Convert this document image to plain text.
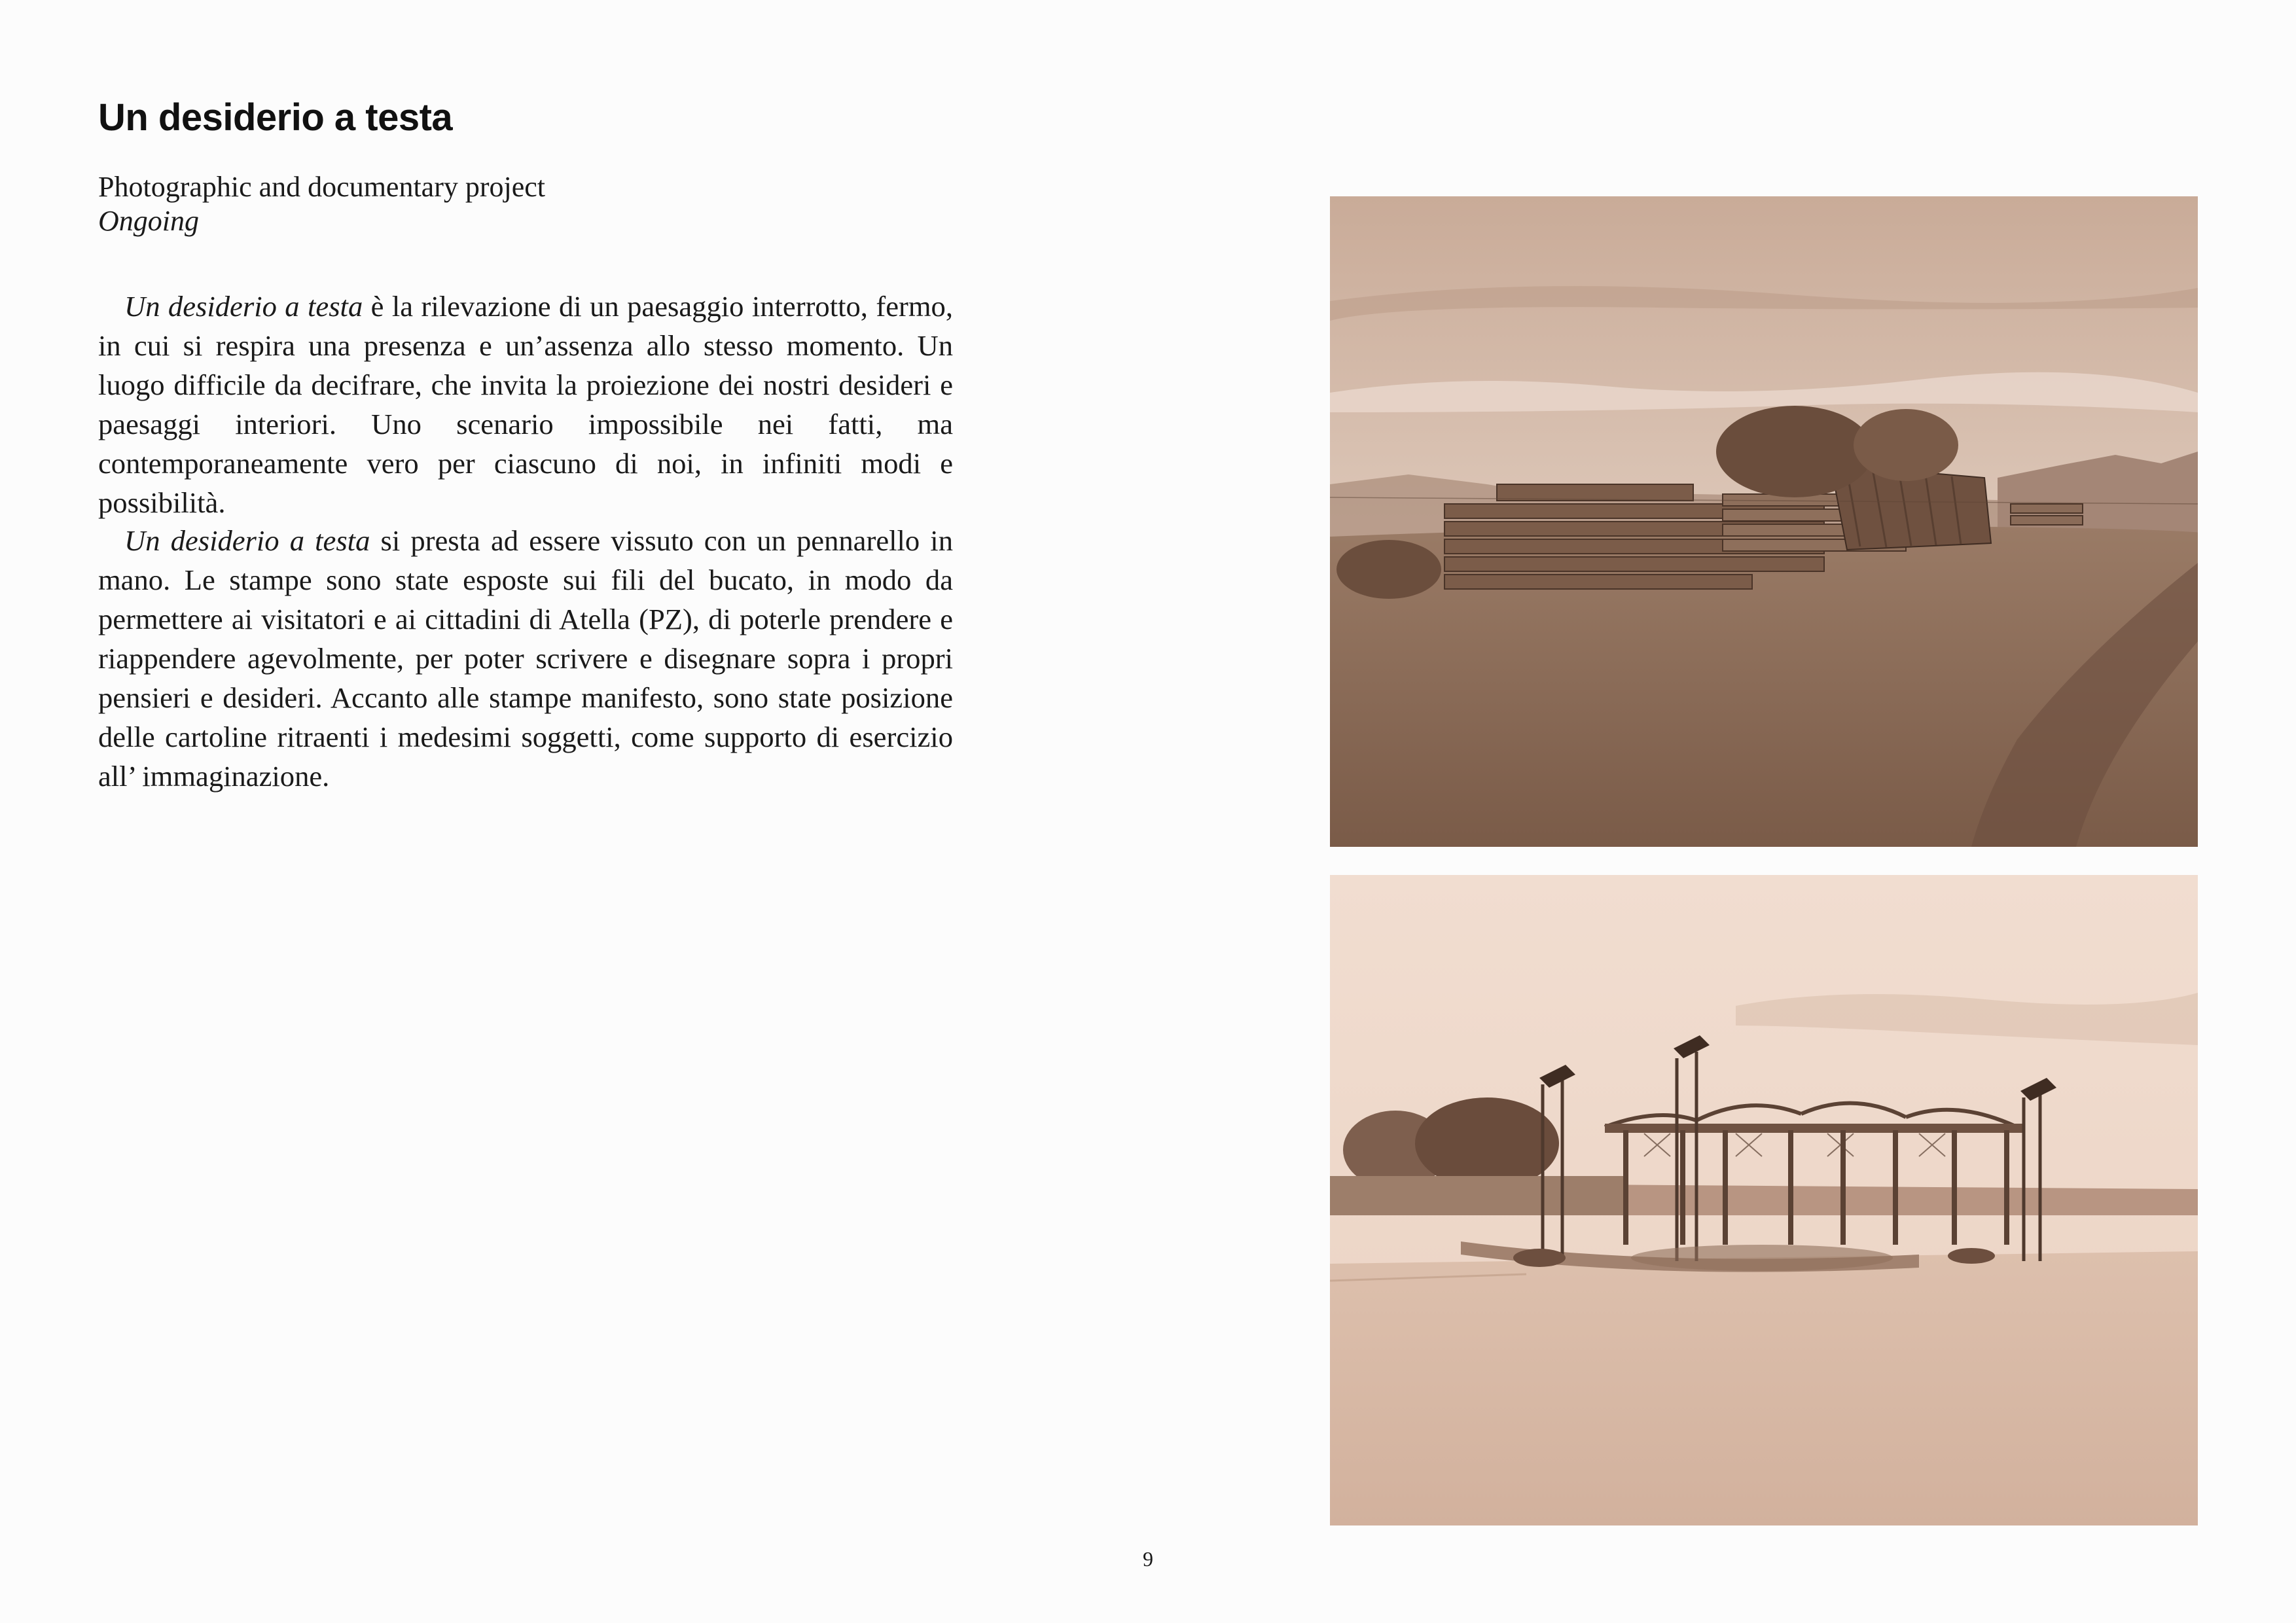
Un desiderio a testa
Photographic and documentary project
Ongoing

Un desiderio a testa è la rilevazione di un paesaggio interrotto, fermo, in cui si respira una presenza e un’assenza allo stesso momento. Un luogo difficile da decifrare, che invita la proiezione dei nostri desideri e paesaggi interiori. Uno scenario impossibile nei fatti, ma contemporaneamente vero per ciascuno di noi, in infiniti modi e possibilità.

Un desiderio a testa si presta ad essere vissuto con un pennarello in mano. Le stampe sono state esposte sui fili del bucato, in modo da permettere ai visitatori e ai cittadini di Atella (PZ), di poterle prendere e riappendere agevolmente, per poter scrivere e disegnare sopra i propri pensieri e desideri. Accanto alle stampe manifesto, sono state posizione delle cartoline ritraenti i medesimi soggetti, come supporto di esercizio all’ immaginazione.

9
